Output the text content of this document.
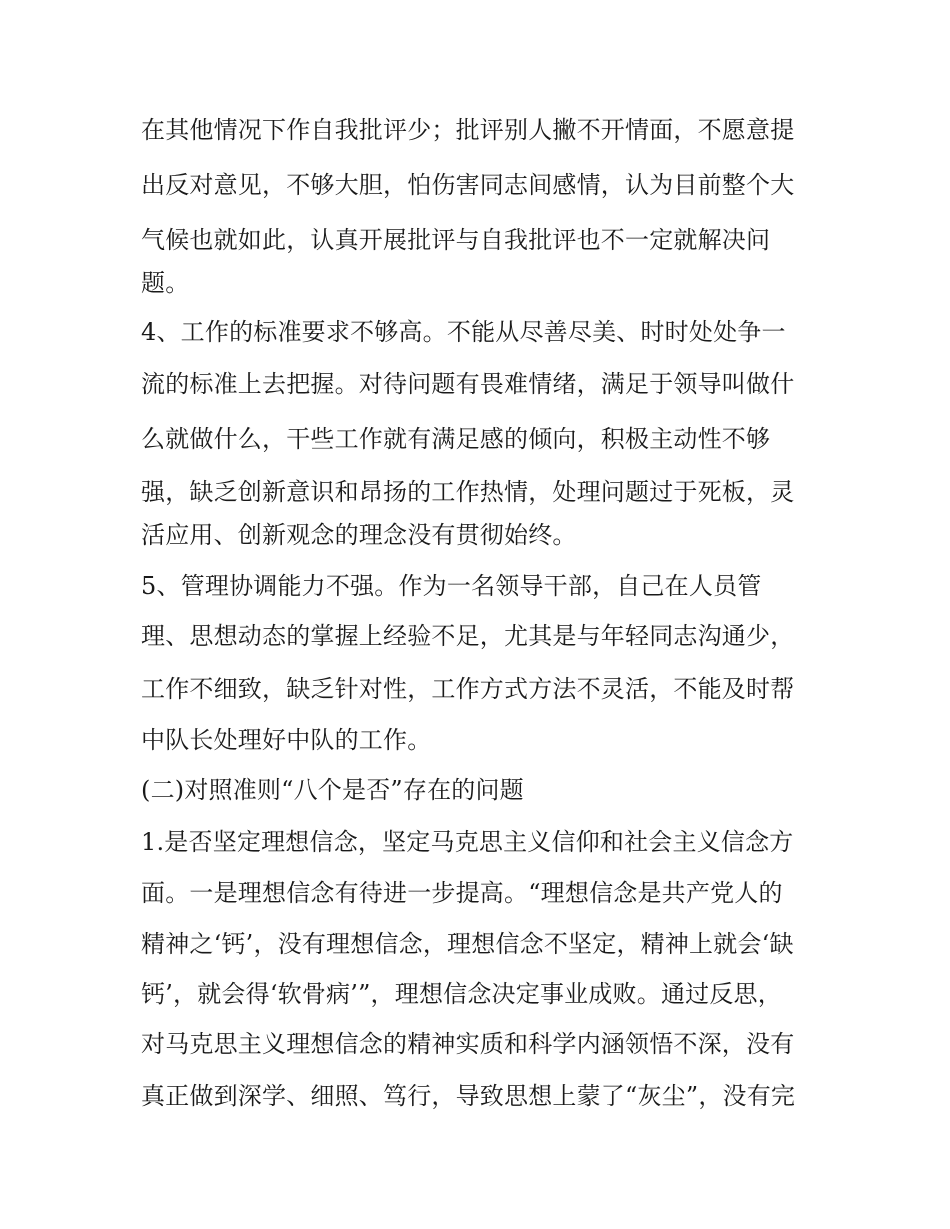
在其他情况下作自我批评少；批评别人撇不开情面，不愿意提
出反对意见，不够大胆，怕伤害同志间感情，认为目前整个大
气候也就如此，认真开展批评与自我批评也不一定就解决问
题。
4、工作的标准要求不够高。不能从尽善尽美、时时处处争一
流的标准上去把握。对待问题有畏难情绪，满足于领导叫做什
么就做什么，干些工作就有满足感的倾向，积极主动性不够
强，缺乏创新意识和昂扬的工作热情，处理问题过于死板，灵
活应用、创新观念的理念没有贯彻始终。
5、管理协调能力不强。作为一名领导干部，自己在人员管
理、思想动态的掌握上经验不足，尤其是与年轻同志沟通少，
工作不细致，缺乏针对性，工作方式方法不灵活，不能及时帮
中队长处理好中队的工作。
(二)对照准则“八个是否”存在的问题
1.是否坚定理想信念，坚定马克思主义信仰和社会主义信念方
面。一是理想信念有待进一步提高。“理想信念是共产党人的
精神之‘钙’，没有理想信念，理想信念不坚定，精神上就会‘缺
钙’，就会得‘软骨病’”，理想信念决定事业成败。通过反思，
对马克思主义理想信念的精神实质和科学内涵领悟不深，没有
真正做到深学、细照、笃行，导致思想上蒙了“灰尘”，没有完
